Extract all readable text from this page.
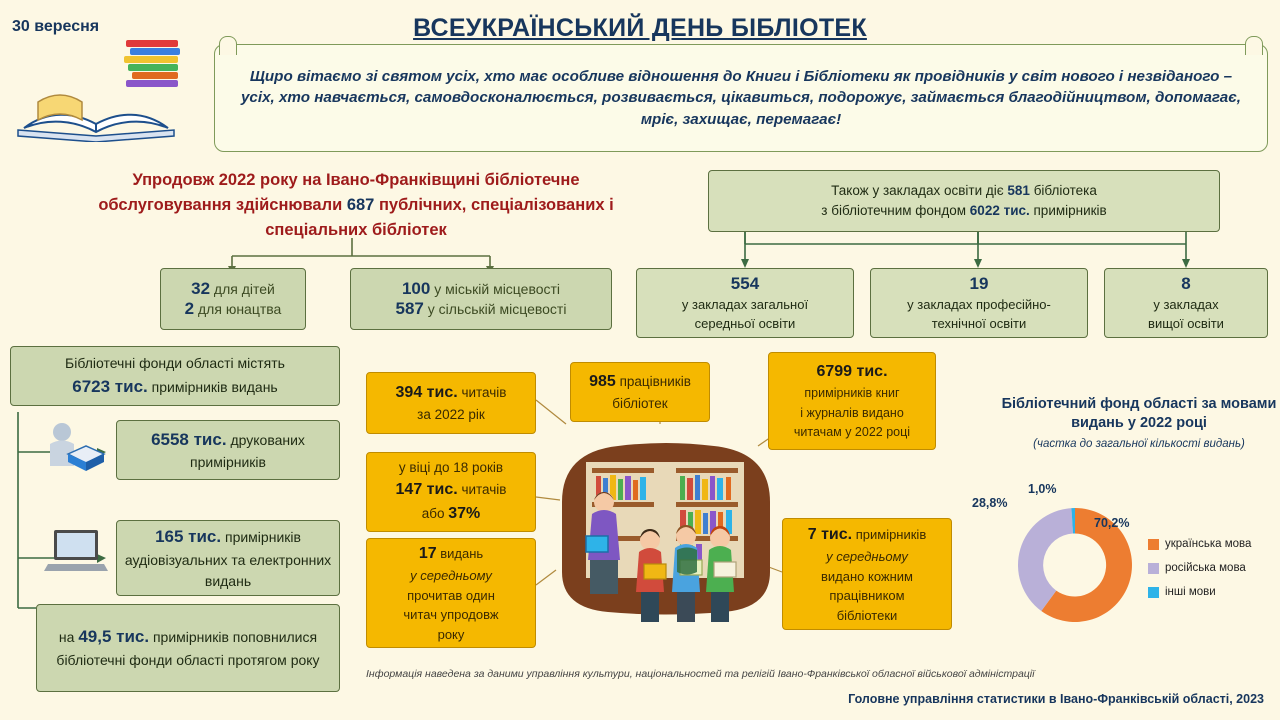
30 вересня	ВСЕУКРАЇНСЬКИЙ ДЕНЬ БІБЛІОТЕК

Щиро вітаємо зі святом усіх, хто має особливе відношення до Книги і Бібліотеки як провідників у світ нового і незвіданого – усіх, хто навчається, самовдосконалюється, розвивається, цікавиться, подорожує, займається благодійництвом, допомагає, мріє, захищає, перемагає!

Упродовж 2022 року на Івано-Франківщині бібліотечне
обслуговування здійснювали 687 публічних, спеціалізованих і
спеціальних бібліотек
32 для дітей
2 для юнацтва
100 у міській місцевості
587 у сільській місцевості
Також у закладах освіти діє 581 бібліотека
з бібліотечним фондом 6022 тис. примірників
554
у закладах загальної
середньої освіти
19
у закладах професійно-
технічної освіти
8
у закладах
вищої освіти
Бібліотечні фонди області містять
6723 тис. примірників видань
6558 тис. друкованих примірників
165 тис. примірників аудіовізуальних та електронних видань
на 49,5 тис. примірників поповнилися бібліотечні фонди області протягом року
394 тис. читачів
за 2022 рік
985 працівників
бібліотек
6799 тис.
примірників книг
і журналів видано
читачам у 2022 році
у віці до 18 років
147 тис. читачів
або 37%
17 видань
у середньому
прочитав один
читач упродовж
року
7 тис. примірників
у середньому
видано кожним
працівником
бібліотеки
Бібліотечний фонд області за мовами видань у 2022 році
(частка до загальної кількості видань)
70,2%
28,8%
1,0%
українська мова
російська мова
інші мови
Інформація наведена за даними управління культури, національностей та релігій Івано-Франківської обласної військової адміністрації
Головне управління статистики в Івано-Франківській області, 2023
